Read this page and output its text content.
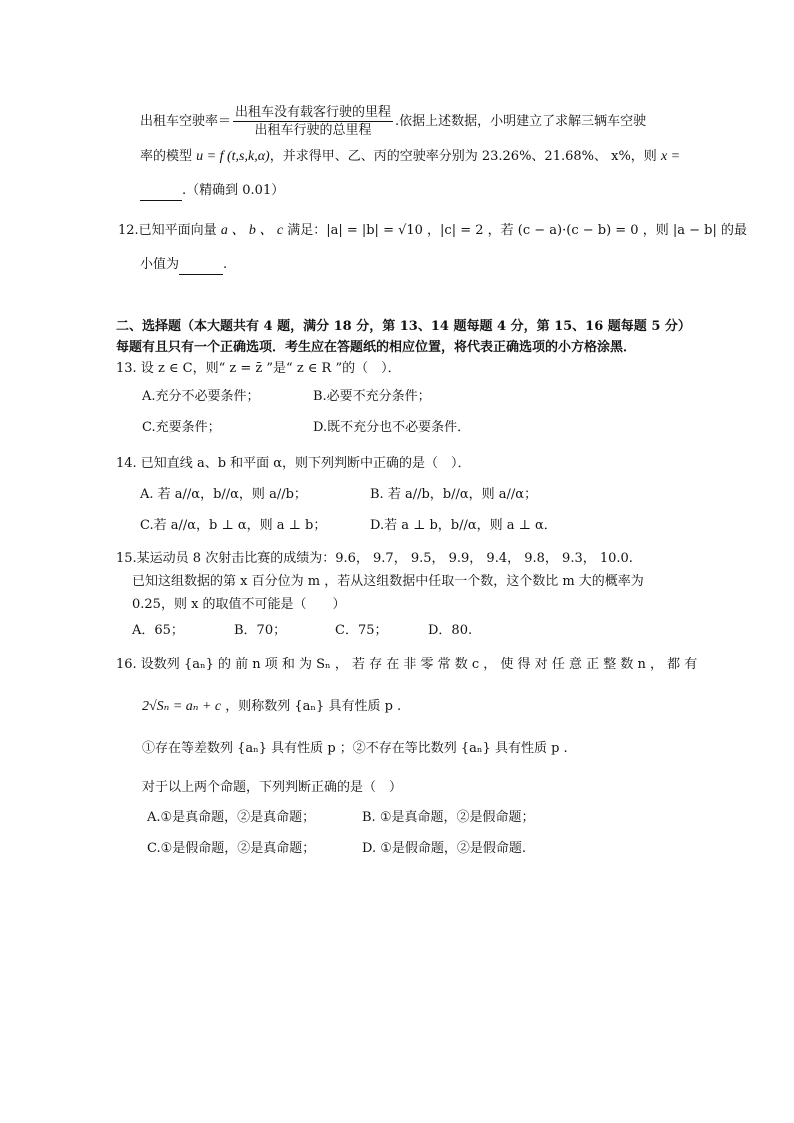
出租车空驶率＝ $\frac{\text{出租车没有载客行驶的里程}}{\text{出租车行驶的总里程}}$ .依据上述数据，小明建立了求解三辆车空驶
率的模型 u = f (t,s,k,α)，并求得甲、乙、丙的空驶率分别为 23.26%、21.68%、 x%，则 x =
.（精确到 0.01）
12.已知平面向量 a 、 b 、 c 满足：|a| = |b| = √10 ，|c| = 2 ，若 (c − a)·(c − b) = 0 ，则 |a − b| 的最
小值为	.
二、选择题（本大题共有 4 题，满分 18 分，第 13、14 题每题 4 分，第 15、16 题每题 5 分）
每题有且只有一个正确选项．考生应在答题纸的相应位置，将代表正确选项的小方格涂黑．
13. 设 z ∈ C，则“ z = z̄ ”是“ z ∈ R ”的（　）．
A.充分不必要条件；	B.必要不充分条件；
C.充要条件；	D.既不充分也不必要条件．
14. 已知直线 a、b 和平面 α，则下列判断中正确的是（　）．
A. 若 a//α，b//α，则 a//b；	B. 若 a//b，b//α，则 a//α；
C.若 a//α，b ⊥ α，则 a ⊥ b；	D.若 a ⊥ b，b//α，则 a ⊥ α．
15.某运动员 8 次射击比赛的成绩为：9.6， 9.7， 9.5， 9.9， 9.4， 9.8， 9.3， 10.0.
已知这组数据的第 x 百分位为 m ，若从这组数据中任取一个数，这个数比 m 大的概率为
0.25，则 x 的取值不可能是（　　）
A．65；	B．70；	C．75；	D．80.
16. 设数列 {aₙ} 的 前 n 项 和 为 Sₙ ， 若 存 在 非 零 常 数 c ， 使 得 对 任 意 正 整 数 n ， 都 有
2√Sₙ = aₙ + c ，则称数列 {aₙ} 具有性质 p .
①存在等差数列 {aₙ} 具有性质 p ；②不存在等比数列 {aₙ} 具有性质 p .
对于以上两个命题，下列判断正确的是（　）
A.①是真命题，②是真命题；	B. ①是真命题，②是假命题；
C.①是假命题，②是真命题；	D. ①是假命题，②是假命题.
